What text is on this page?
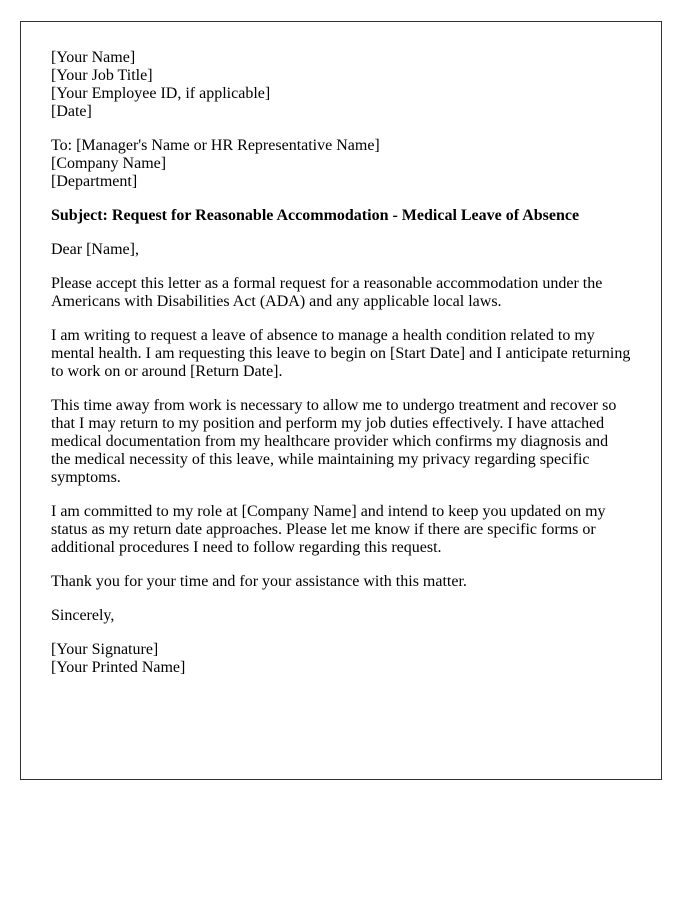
[Your Name]
[Your Job Title]
[Your Employee ID, if applicable]
[Date]
To: [Manager's Name or HR Representative Name]
[Company Name]
[Department]

Subject: Request for Reasonable Accommodation - Medical Leave of Absence

Dear [Name],

Please accept this letter as a formal request for a reasonable accommodation under the Americans with Disabilities Act (ADA) and any applicable local laws.

I am writing to request a leave of absence to manage a health condition related to my mental health. I am requesting this leave to begin on [Start Date] and I anticipate returning to work on or around [Return Date].

This time away from work is necessary to allow me to undergo treatment and recover so that I may return to my position and perform my job duties effectively. I have attached medical documentation from my healthcare provider which confirms my diagnosis and the medical necessity of this leave, while maintaining my privacy regarding specific symptoms.

I am committed to my role at [Company Name] and intend to keep you updated on my status as my return date approaches. Please let me know if there are specific forms or additional procedures I need to follow regarding this request.

Thank you for your time and for your assistance with this matter.

Sincerely,

[Your Signature]
[Your Printed Name]
